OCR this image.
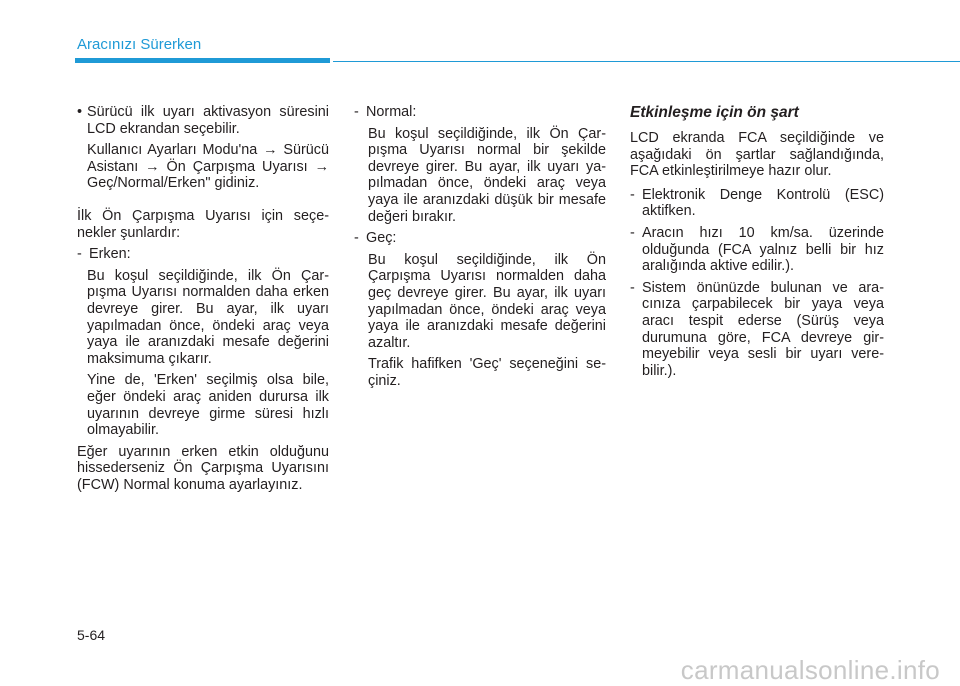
Aracınızı Sürerken
• Sürücü ilk uyarı aktivasyon süresini LCD ekrandan seçebilir.

Kullanıcı Ayarları Modu'na → Sürücü Asistanı → Ön Çarpışma Uyarısı → Geç/Normal/Erken" gidiniz.

İlk Ön Çarpışma Uyarısı için seçenekler şunlardır:

- Erken:

Bu koşul seçildiğinde, ilk Ön Çarpışma Uyarısı normalden daha erken devreye girer. Bu ayar, ilk uyarı yapılmadan önce, öndeki araç veya yaya ile aranızdaki mesafe değerini maksimuma çıkarır.

Yine de, 'Erken' seçilmiş olsa bile, eğer öndeki araç aniden durursa ilk uyarının devreye girme süresi hızlı olmayabilir.

Eğer uyarının erken etkin olduğunu hissederseniz Ön Çarpışma Uyarısını (FCW) Normal konuma ayarlayınız.

- Normal:

Bu koşul seçildiğinde, ilk Ön Çarpışma Uyarısı normal bir şekilde devreye girer. Bu ayar, ilk uyarı yapılmadan önce, öndeki araç veya yaya ile aranızdaki düşük bir mesafe değeri bırakır.

- Geç:

Bu koşul seçildiğinde, ilk Ön Çarpışma Uyarısı normalden daha geç devreye girer. Bu ayar, ilk uyarı yapılmadan önce, öndeki araç veya yaya ile aranızdaki mesafe değerini azaltır.

Trafik hafifken 'Geç' seçeneğini seçiniz.

Etkinleşme için ön şart

LCD ekranda FCA seçildiğinde ve aşağıdaki ön şartlar sağlandığında, FCA etkinleştirilmeye hazır olur.

- Elektronik Denge Kontrolü (ESC) aktifken.
- Aracın hızı 10 km/sa. üzerinde olduğunda (FCA yalnız belli bir hız aralığında aktive edilir.).
- Sistem önünüzde bulunan ve aracınıza çarpabilecek bir yaya veya aracı tespit ederse (Sürüş veya durumuna göre, FCA devreye girmeyebilir veya sesli bir uyarı verebilir.).
5-64
carmanualsonline.info
